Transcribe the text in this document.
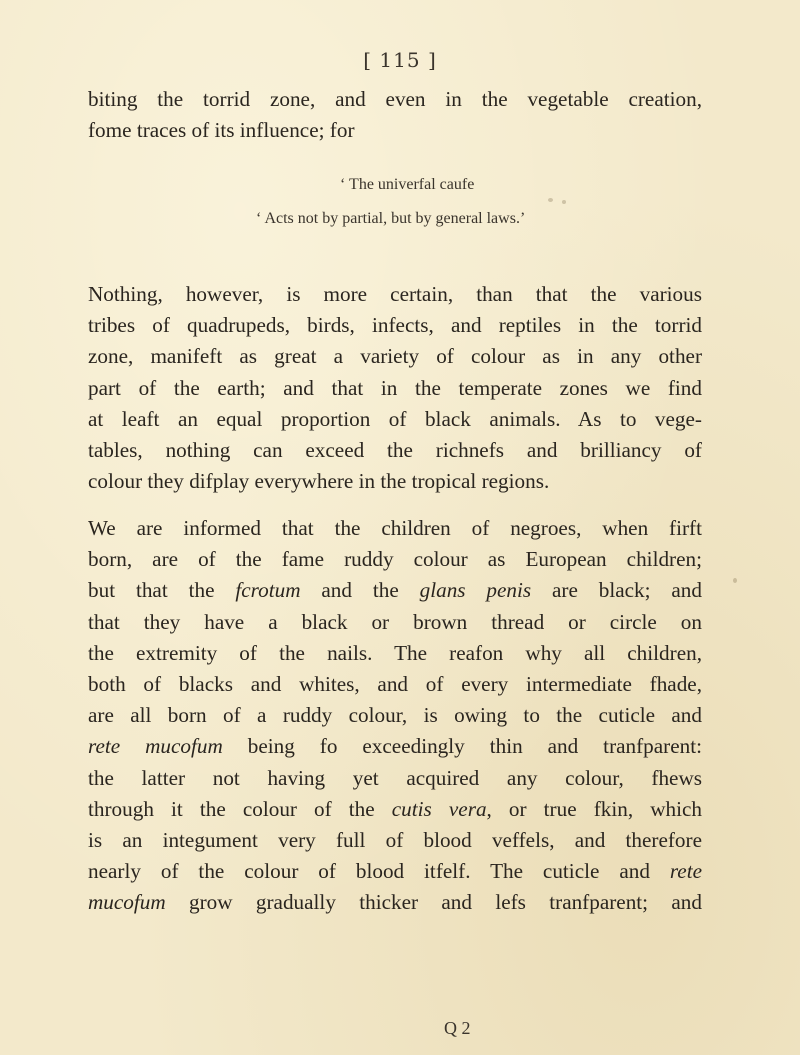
[ 115 ]
biting the torrid zone, and even in the vegetable creation,
fome traces of its influence; for
‘ The univerfal caufe
‘ Acts not by partial, but by general laws.’
Nothing, however, is more certain, than that the various
tribes of quadrupeds, birds, infects, and reptiles in the torrid
zone, manifeft as great a variety of colour as in any other
part of the earth; and that in the temperate zones we find
at leaft an equal proportion of black animals. As to vege-
tables, nothing can exceed the richnefs and brilliancy of
colour they difplay everywhere in the tropical regions.
We are informed that the children of negroes, when firft
born, are of the fame ruddy colour as European children;
but that the fcrotum and the glans penis are black; and
that they have a black or brown thread or circle on
the extremity of the nails. The reafon why all children,
both of blacks and whites, and of every intermediate fhade,
are all born of a ruddy colour, is owing to the cuticle and
rete mucofum being fo exceedingly thin and tranfparent:
the latter not having yet acquired any colour, fhews
through it the colour of the cutis vera, or true fkin, which
is an integument very full of blood veffels, and therefore
nearly of the colour of blood itfelf. The cuticle and rete
mucofum grow gradually thicker and lefs tranfparent; and
Q 2
